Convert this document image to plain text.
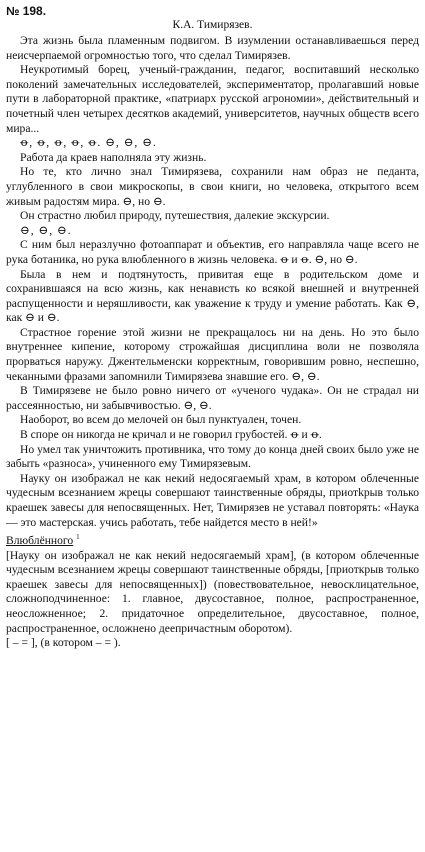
№ 198.
К.А. Тимирязев.

Эта жизнь была пламенным подвигом. В изумлении останавливаешься перед неисчерпаемой огромностью того, что сделал Тимирязев.

Неукротимый борец, ученый-гражданин, педагог, воспитавший несколько поколений замечательных исследователей, экспериментатор, пролагавший новые пути в лабораторной практике, «патриарх русской агрономии», действительный и почетный член четырех десятков академий, университетов, научных обществ всего мира...

ꝋ, ꝋ, ꝋ, ꝋ, ꝋ. ⊖, ⊖, ⊖.

Работа да краев наполняла эту жизнь.

Но те, кто лично знал Тимирязева, сохранили нам образ не педанта, углубленного в свои микроскопы, в свои книги, но человека, открытого всем живым радостям мира. ⊖, но ⊖.

Он страстно любил природу, путешествия, далекие экскурсии.

⊖, ⊖, ⊖.

С ним был неразлучно фотоаппарат и объектив, его направляла чаще всего не рука ботаника, но рука влюбленного в жизнь человека. ꝋ и ꝋ. ⊖, но ⊖.

Была в нем и подтянутость, привитая еще в родительском доме и сохранившаяся на всю жизнь, как ненависть ко всякой внешней и внутренней распущенности и неряшливости, как уважение к труду и умение работать. Как ⊖, как ⊖ и ⊖.

Страстное горение этой жизни не прекращалось ни на день. Но это было внутреннее кипение, которому строжайшая дисциплина воли не позволяла прорваться наружу. Джентельменски корректным, говорившим ровно, неспешно, чеканными фразами запомнили Тимирязева знавшие его. ⊖, ⊖.

В Тимирязеве не было ровно ничего от «ученого чудака». Он не страдал ни рассеянностью, ни забывчивостью. ⊖, ⊖.

Наоборот, во всем до мелочей он был пунктуален, точен.

В споре он никогда не кричал и не говорил грубостей. ꝋ и ꝋ.

Но умел так уничтожить противника, что тому до конца дней своих было уже не забыть «разноса», учиненного ему Тимирязевым.

Науку он изображал не как некий недосягаемый храм, в котором облеченные чудесным всезнанием жрецы совершают таинственные обряды, приотkрыв только краешек завесы для непосвященных. Нет, Тимирязев не уставал повторять: «Наука — это мастерская. учись работать, тебе найдется место в ней!»

Влюблённого $^1$
[Науку он изображал не как некий недосягаемый храм], (в котором облеченные чудесным всезнанием жрецы совершают таинственные обряды, [приоткрыв только краешек завесы для непосвященных]) (повествовательное, невосклицательное, сложноподчиненное: 1. главное, двусоставное, полное, распространенное, неосложненное; 2. придаточное определительное, двусоставное, полное, распространенное, осложнено деепричастным оборотом).
[ – = ], (в котором – = ).
